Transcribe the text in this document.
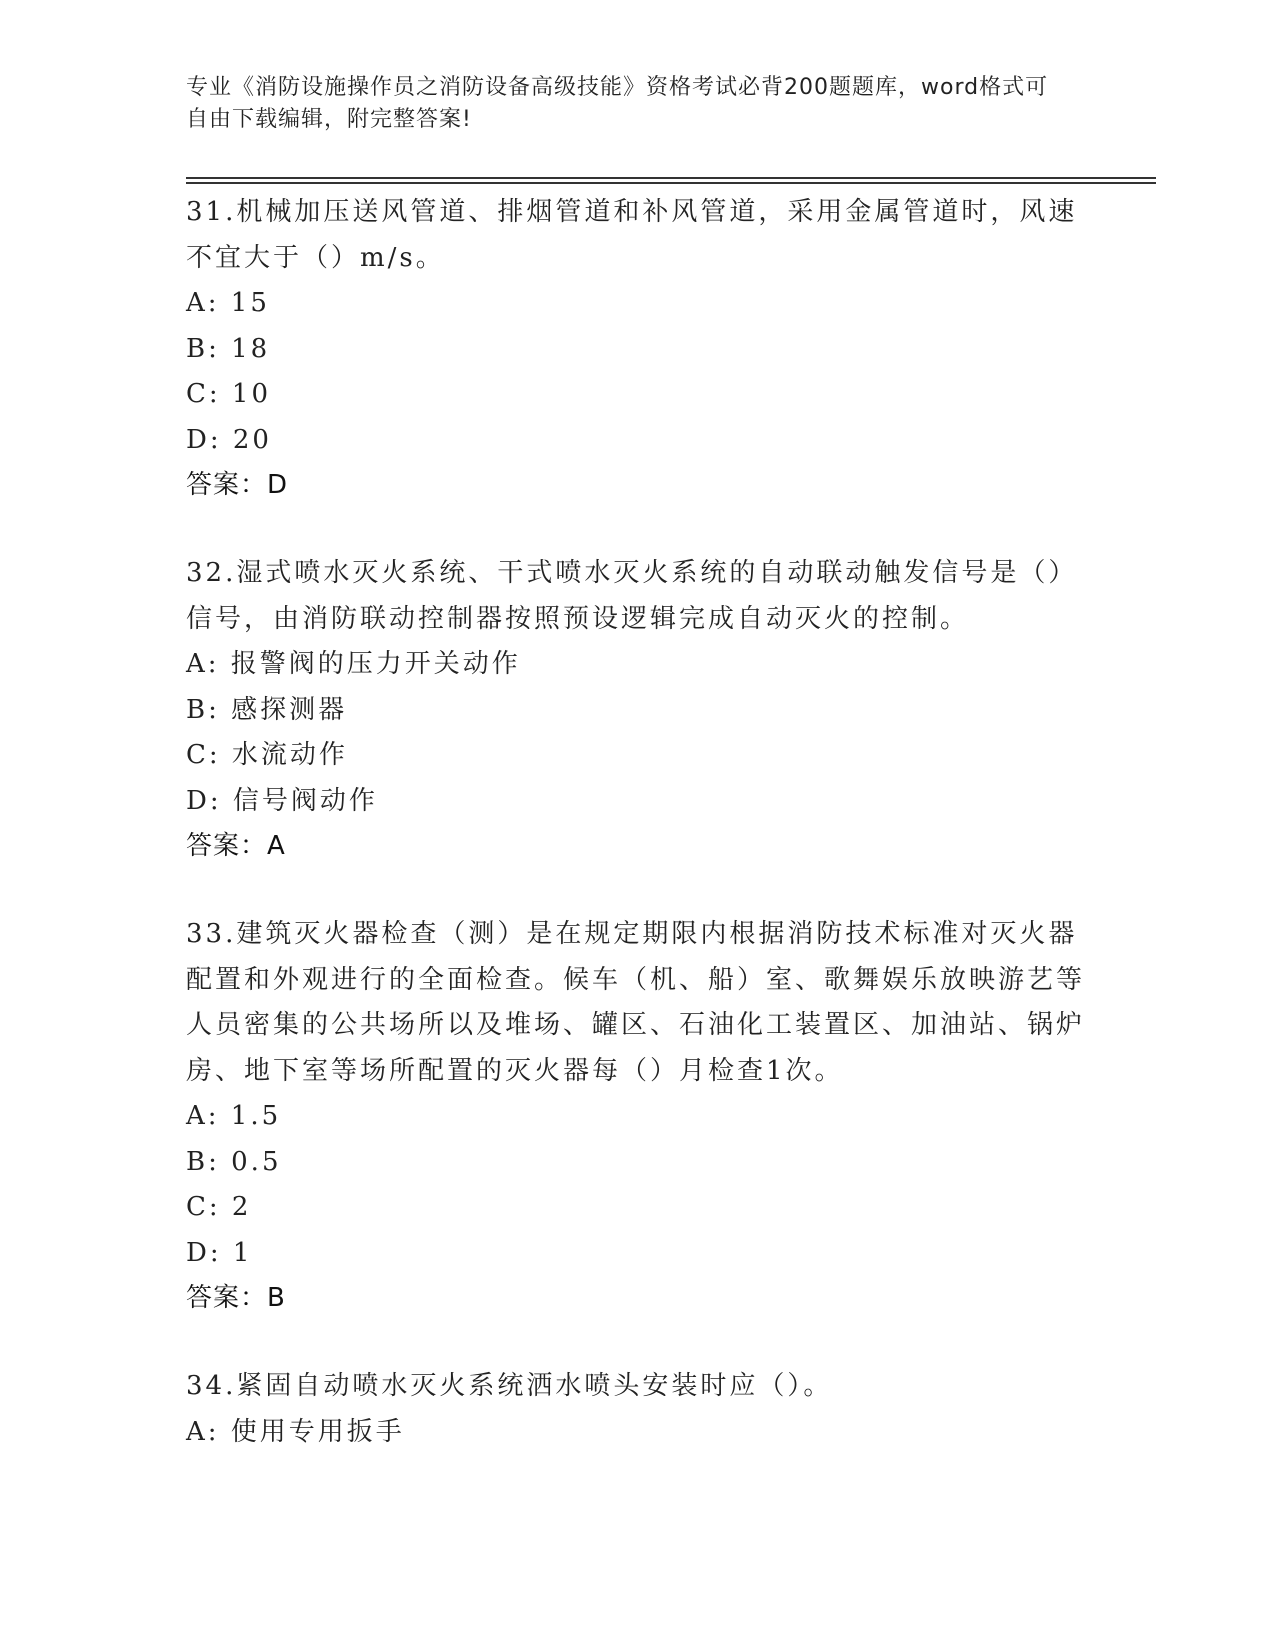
专业《消防设施操作员之消防设备高级技能》资格考试必背200题题库，word格式可自由下载编辑，附完整答案!

31.机械加压送风管道、排烟管道和补风管道，采用金属管道时，风速不宜大于（）m/s。

A: 15

B: 18

C: 10

D: 20

答案：D

32.湿式喷水灭火系统、干式喷水灭火系统的自动联动触发信号是（）信号，由消防联动控制器按照预设逻辑完成自动灭火的控制。

A: 报警阀的压力开关动作

B: 感探测器

C: 水流动作

D: 信号阀动作

答案：A

33.建筑灭火器检查（测）是在规定期限内根据消防技术标准对灭火器配置和外观进行的全面检查。候车（机、船）室、歌舞娱乐放映游艺等人员密集的公共场所以及堆场、罐区、石油化工装置区、加油站、锅炉房、地下室等场所配置的灭火器每（）月检查1次。

A: 1.5

B: 0.5

C: 2

D: 1

答案：B

34.紧固自动喷水灭火系统洒水喷头安装时应（）。

A: 使用专用扳手
